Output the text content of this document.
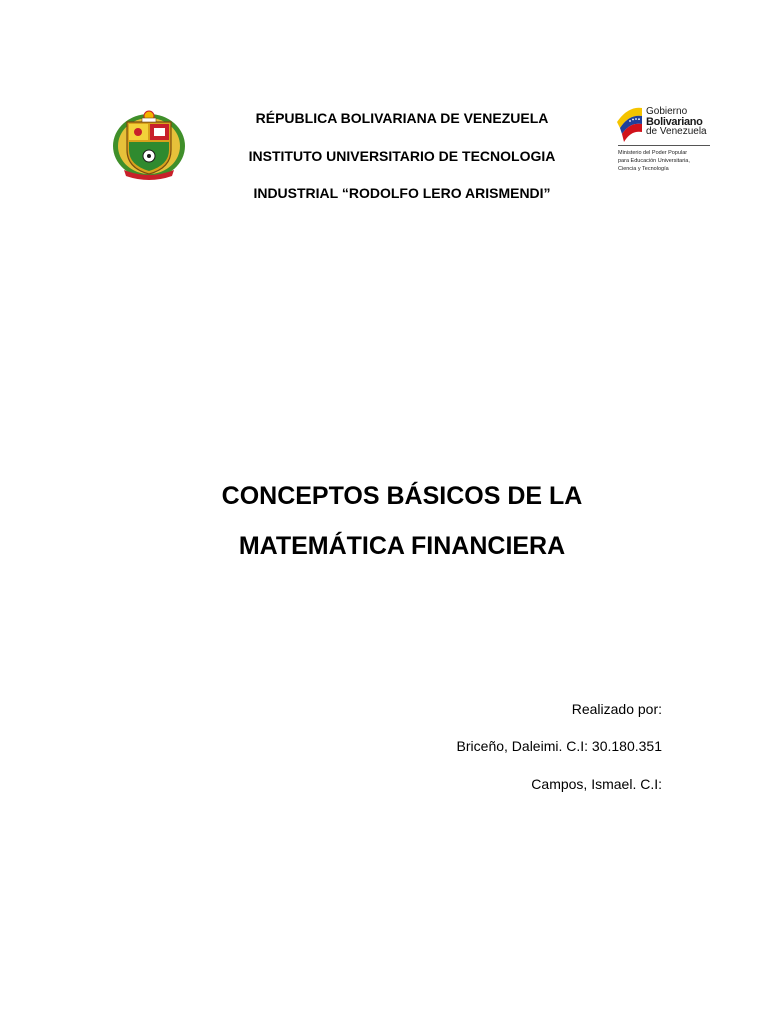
RÉPUBLICA BOLIVARIANA DE VENEZUELA
INSTITUTO UNIVERSITARIO DE TECNOLOGIA
INDUSTRIAL “RODOLFO LERO ARISMENDI”
Gobierno
Bolivariano
de Venezuela
Ministerio del Poder Popular
para Educación Universitaria,
Ciencia y Tecnología
CONCEPTOS BÁSICOS DE LA
MATEMÁTICA FINANCIERA
Realizado por:
Briceño, Daleimi. C.I: 30.180.351
Campos, Ismael. C.I:
